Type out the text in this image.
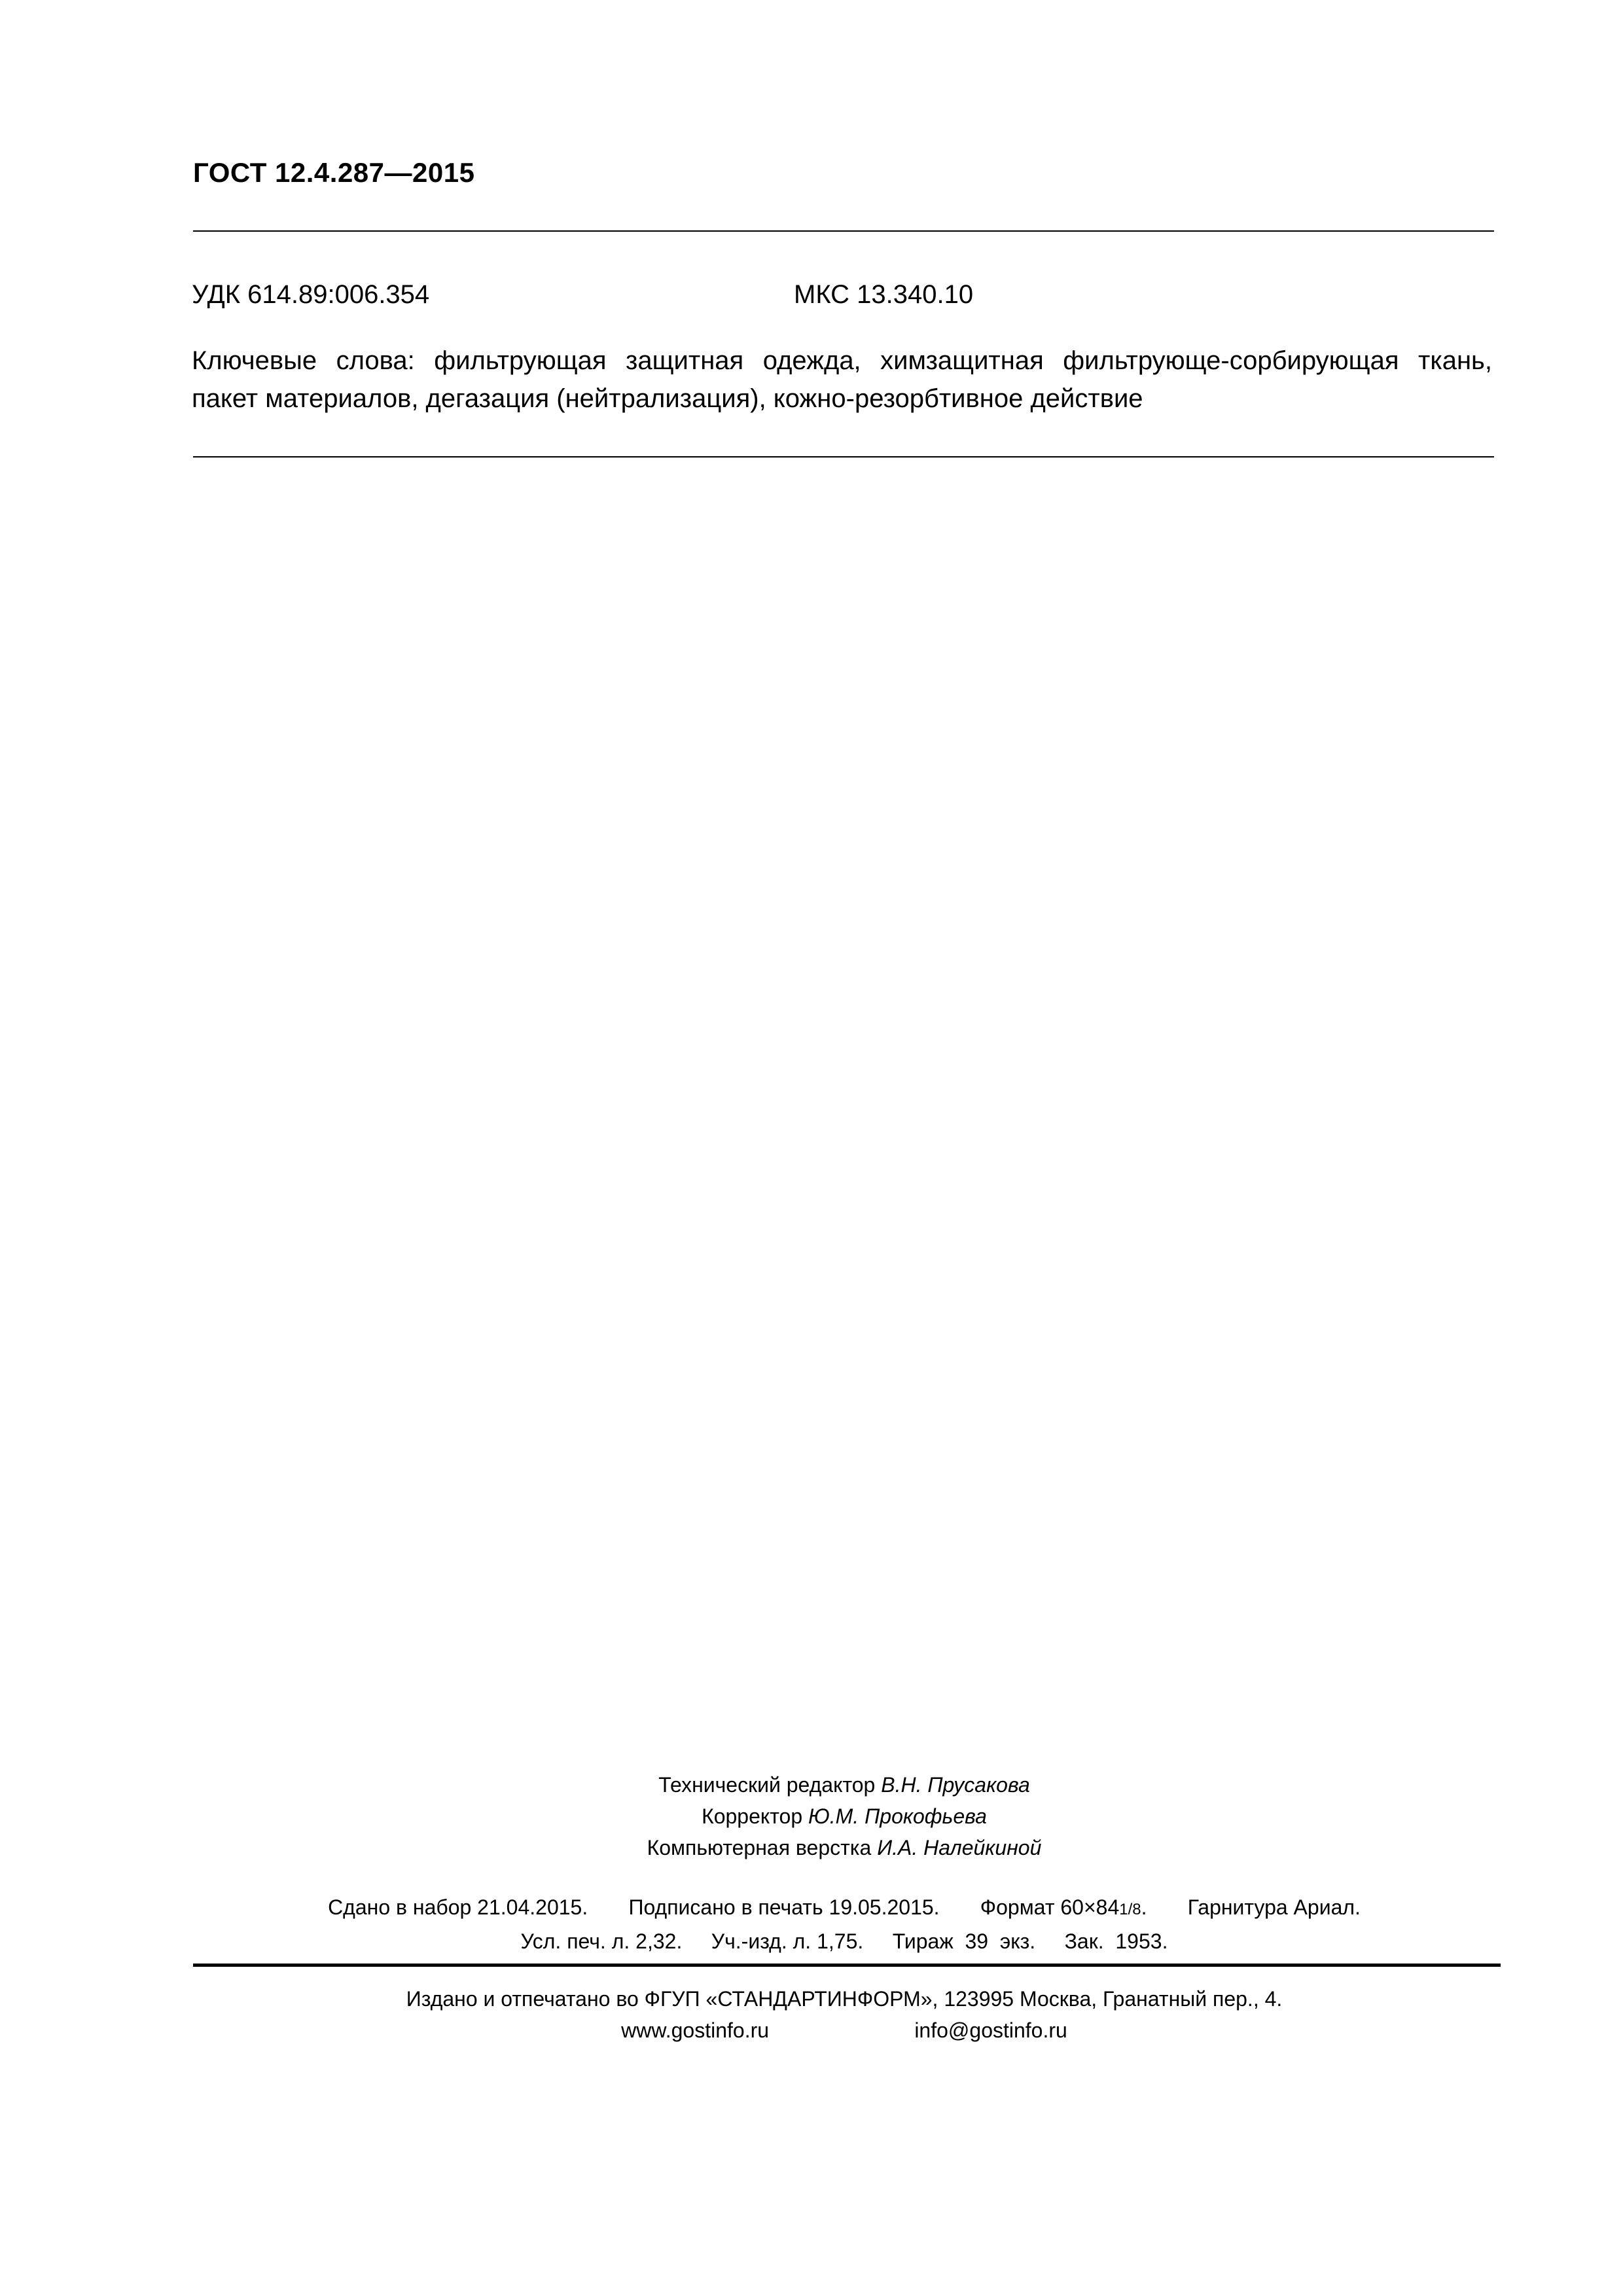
ГОСТ 12.4.287—2015
УДК 614.89:006.354	МКС 13.340.10
Ключевые слова: фильтрующая защитная одежда, химзащитная фильтрующе-сорбирующая ткань,
пакет материалов, дегазация (нейтрализация), кожно-резорбтивное действие
Технический редактор В.Н. Прусакова
Корректор Ю.М. Прокофьева
Компьютерная верстка И.А. Налейкиной
Сдано в набор 21.04.2015. Подписано в печать 19.05.2015. Формат 60×841/8.       Гарнитура Ариал.
Усл. печ. л. 2,32. Уч.-изд. л. 1,75. Тираж  39  экз. Зак.  1953.
Издано и отпечатано во ФГУП «СТАНДАРТИНФОРМ», 123995 Москва, Гранатный пер., 4.
www.gostinfo.ru	info@gostinfo.ru
